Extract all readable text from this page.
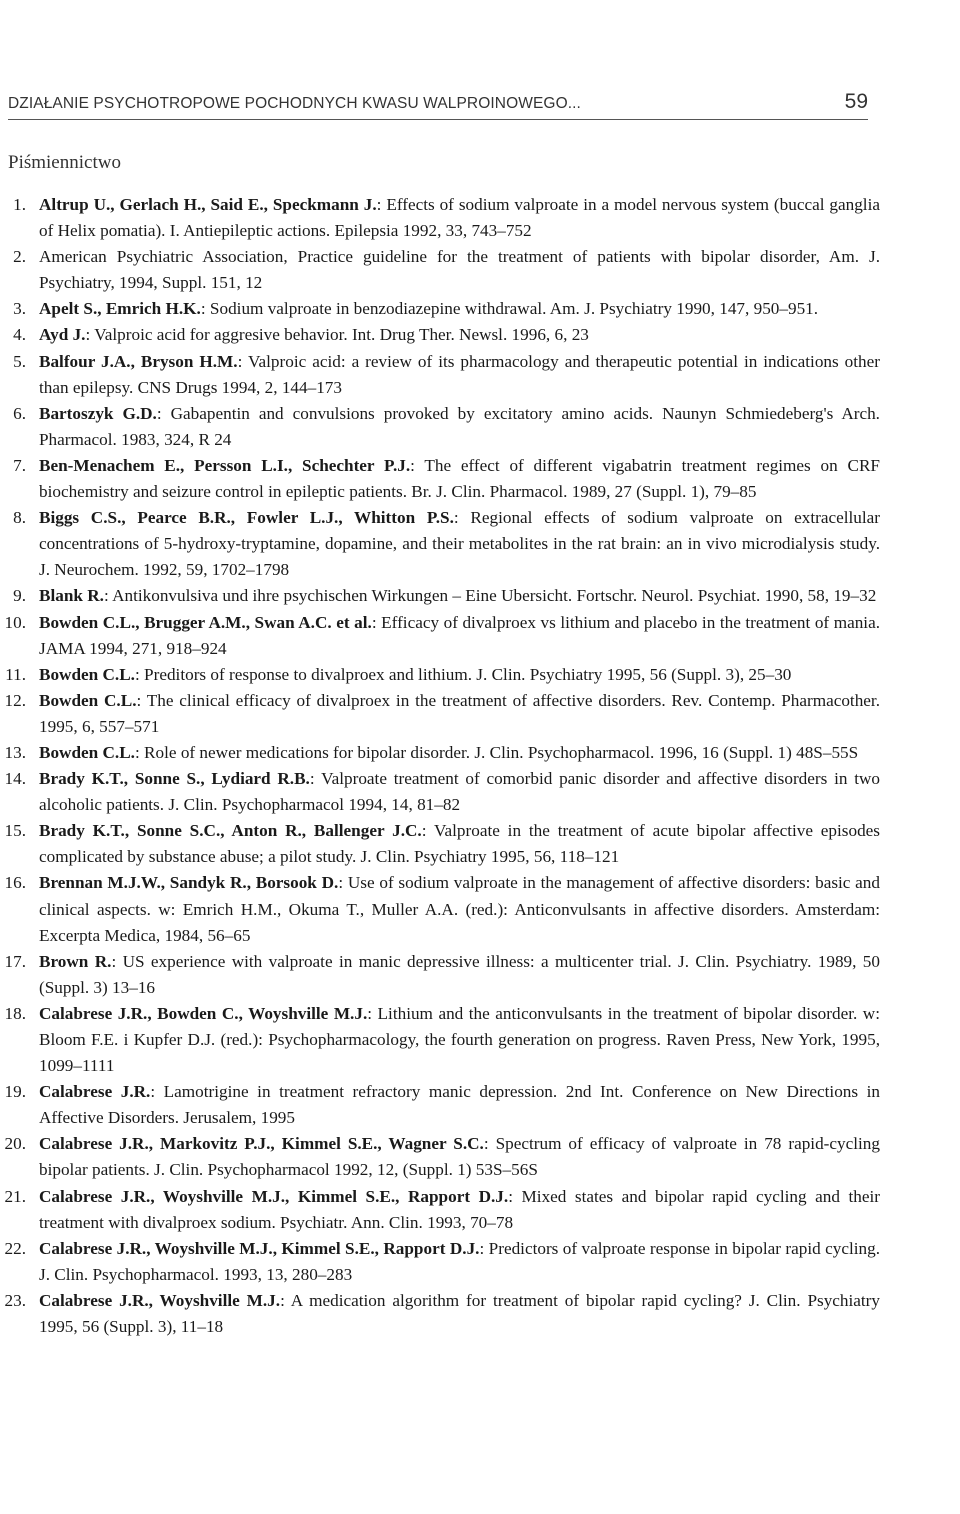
DZIAŁANIE PSYCHOTROPOWE POCHODNYCH KWASU WALPROINOWEGO...	59
Piśmiennictwo
1. Altrup U., Gerlach H., Said E., Speckmann J.: Effects of sodium valproate in a model nervous system (buccal ganglia of Helix pomatia). I. Antiepileptic actions. Epilepsia 1992, 33, 743–752
2. American Psychiatric Association, Practice guideline for the treatment of patients with bipolar disorder, Am. J. Psychiatry, 1994, Suppl. 151, 12
3. Apelt S., Emrich H.K.: Sodium valproate in benzodiazepine withdrawal. Am. J. Psychiatry 1990, 147, 950–951.
4. Ayd J.: Valproic acid for aggresive behavior. Int. Drug Ther. Newsl. 1996, 6, 23
5. Balfour J.A., Bryson H.M.: Valproic acid: a review of its pharmacology and therapeutic potential in indications other than epilepsy. CNS Drugs 1994, 2, 144–173
6. Bartoszyk G.D.: Gabapentin and convulsions provoked by excitatory amino acids. Naunyn Schmiedeberg's Arch. Pharmacol. 1983, 324, R 24
7. Ben-Menachem E., Persson L.I., Schechter P.J.: The effect of different vigabatrin treatment regimes on CRF biochemistry and seizure control in epileptic patients. Br. J. Clin. Pharmacol. 1989, 27 (Suppl. 1), 79–85
8. Biggs C.S., Pearce B.R., Fowler L.J., Whitton P.S.: Regional effects of sodium valproate on extracellular concentrations of 5-hydroxy-tryptamine, dopamine, and their metabolites in the rat brain: an in vivo microdialysis study. J. Neurochem. 1992, 59, 1702–1798
9. Blank R.: Antikonvulsiva und ihre psychischen Wirkungen – Eine Ubersicht. Fortschr. Neurol. Psychiat. 1990, 58, 19–32
10. Bowden C.L., Brugger A.M., Swan A.C. et al.: Efficacy of divalproex vs lithium and placebo in the treatment of mania. JAMA 1994, 271, 918–924
11. Bowden C.L.: Preditors of response to divalproex and lithium. J. Clin. Psychiatry 1995, 56 (Suppl. 3), 25–30
12. Bowden C.L.: The clinical efficacy of divalproex in the treatment of affective disorders. Rev. Contemp. Pharmacother. 1995, 6, 557–571
13. Bowden C.L.: Role of newer medications for bipolar disorder. J. Clin. Psychopharmacol. 1996, 16 (Suppl. 1) 48S–55S
14. Brady K.T., Sonne S., Lydiard R.B.: Valproate treatment of comorbid panic disorder and affective disorders in two alcoholic patients. J. Clin. Psychopharmacol 1994, 14, 81–82
15. Brady K.T., Sonne S.C., Anton R., Ballenger J.C.: Valproate in the treatment of acute bipolar affective episodes complicated by substance abuse; a pilot study. J. Clin. Psychiatry 1995, 56, 118–121
16. Brennan M.J.W., Sandyk R., Borsook D.: Use of sodium valproate in the management of affective disorders: basic and clinical aspects. w: Emrich H.M., Okuma T., Muller A.A. (red.): Anticonvulsants in affective disorders. Amsterdam: Excerpta Medica, 1984, 56–65
17. Brown R.: US experience with valproate in manic depressive illness: a multicenter trial. J. Clin. Psychiatry. 1989, 50 (Suppl. 3) 13–16
18. Calabrese J.R., Bowden C., Woyshville M.J.: Lithium and the anticonvulsants in the treatment of bipolar disorder. w: Bloom F.E. i Kupfer D.J. (red.): Psychopharmacology, the fourth generation on progress. Raven Press, New York, 1995, 1099–1111
19. Calabrese J.R.: Lamotrigine in treatment refractory manic depression. 2nd Int. Conference on New Directions in Affective Disorders. Jerusalem, 1995
20. Calabrese J.R., Markovitz P.J., Kimmel S.E., Wagner S.C.: Spectrum of efficacy of valproate in 78 rapid-cycling bipolar patients. J. Clin. Psychopharmacol 1992, 12, (Suppl. 1) 53S–56S
21. Calabrese J.R., Woyshville M.J., Kimmel S.E., Rapport D.J.: Mixed states and bipolar rapid cycling and their treatment with divalproex sodium. Psychiatr. Ann. Clin. 1993, 70–78
22. Calabrese J.R., Woyshville M.J., Kimmel S.E., Rapport D.J.: Predictors of valproate response in bipolar rapid cycling. J. Clin. Psychopharmacol. 1993, 13, 280–283
23. Calabrese J.R., Woyshville M.J.: A medication algorithm for treatment of bipolar rapid cycling? J. Clin. Psychiatry 1995, 56 (Suppl. 3), 11–18
